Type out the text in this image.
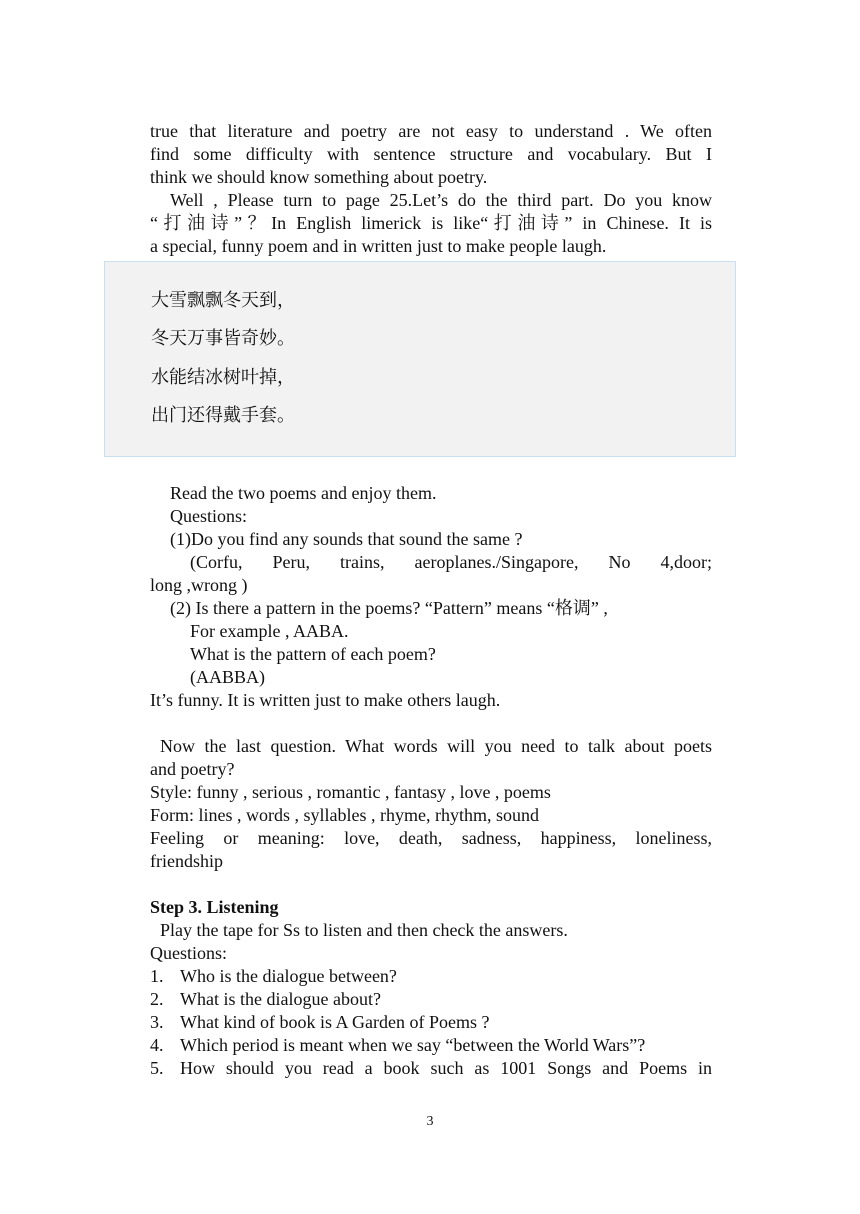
true that literature and poetry are not easy to understand . We often
find some difficulty with sentence structure and vocabulary. But I
think we should know something about poetry.
Well , Please turn to page 25.Let’s do the third part. Do you know
“打油诗”？In English limerick is like“打油诗” in Chinese. It is
a special, funny poem and in written just to make people laugh.
大雪飘飘冬天到，
冬天万事皆奇妙。
水能结冰树叶掉，
出门还得戴手套。
Read the two poems and enjoy them.
Questions:
(1)Do you find any sounds that sound the same ?
(Corfu, Peru, trains, aeroplanes./Singapore, No 4,door;
long ,wrong )
(2) Is there a pattern in the poems? “Pattern” means “格调” ,
For example , AABA.
What is the pattern of each poem?
(AABBA)
It’s funny. It is written just to make others laugh.

Now the last question. What words will you need to talk about poets
and poetry?
Style: funny , serious , romantic , fantasy , love , poems
Form: lines , words , syllables , rhyme, rhythm, sound
Feeling or meaning: love, death, sadness, happiness, loneliness,
friendship

Step 3. Listening
Play the tape for Ss to listen and then check the answers.
Questions:
1. Who is the dialogue between?
2. What is the dialogue about?
3. What kind of book is A Garden of Poems ?
4. Which period is meant when we say “between the World Wars”?
5. How should you read a book such as 1001 Songs and Poems in
3
